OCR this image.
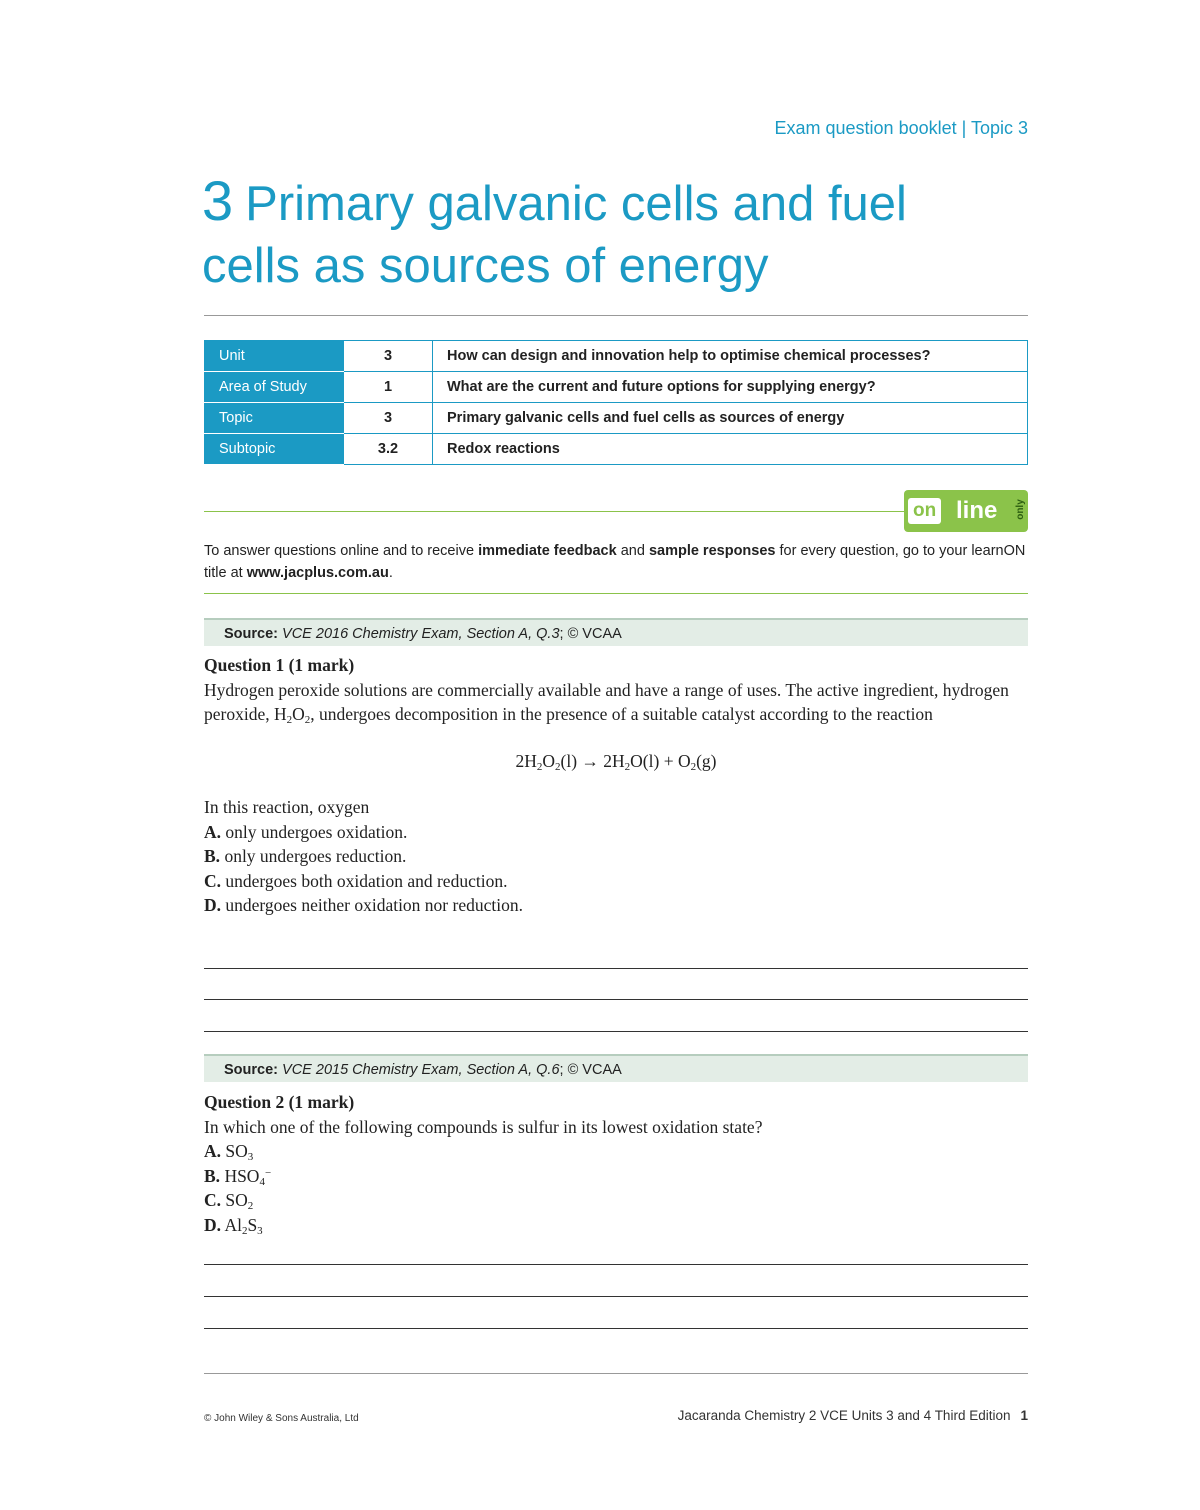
Exam question booklet | Topic 3
3 Primary galvanic cells and fuel
cells as sources of energy
Unit	3	How can design and innovation help to optimise chemical processes?
Area of Study	1	What are the current and future options for supplying energy?
Topic	3	Primary galvanic cells and fuel cells as sources of energy
Subtopic	3.2	Redox reactions
on line only
To answer questions online and to receive immediate feedback and sample responses for every question, go to your learnON title at www.jacplus.com.au.
Source: VCE 2016 Chemistry Exam, Section A, Q.3; © VCAA
Question 1 (1 mark)
Hydrogen peroxide solutions are commercially available and have a range of uses. The active ingredient, hydrogen peroxide, $H_2O_2$, undergoes decomposition in the presence of a suitable catalyst according to the reaction
$2H_2O_2(l) \to 2H_2O(l) + O_2(g)$
In this reaction, oxygen
A. only undergoes oxidation.
B. only undergoes reduction.
C. undergoes both oxidation and reduction.
D. undergoes neither oxidation nor reduction.
Source: VCE 2015 Chemistry Exam, Section A, Q.6; © VCAA
Question 2 (1 mark)
In which one of the following compounds is sulfur in its lowest oxidation state?
A. $SO_3$
B. $HSO_4^-$
C. $SO_2$
D. $Al_2S_3$
© John Wiley & Sons Australia, Ltd	Jacaranda Chemistry 2 VCE Units 3 and 4 Third Edition 1
